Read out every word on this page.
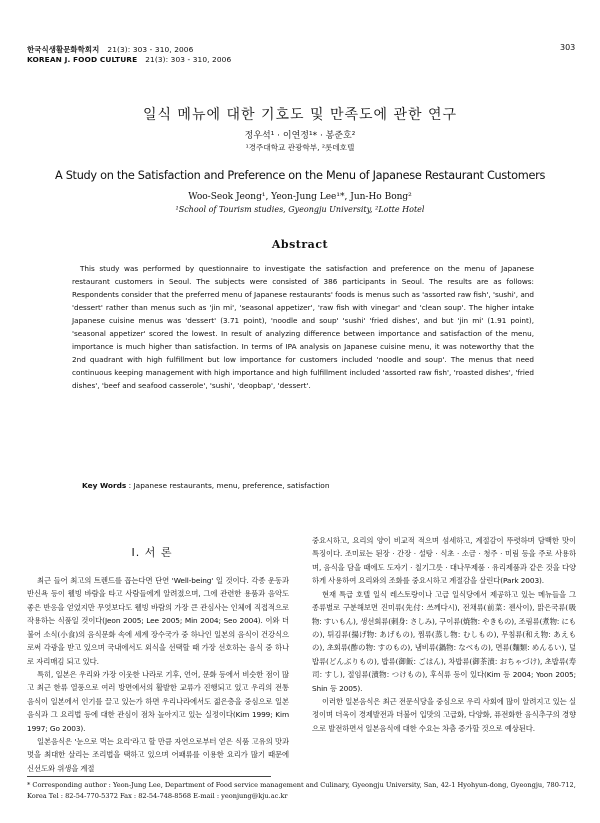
한국식생활문화학회지 21(3): 303 - 310, 2006
KOREAN J. FOOD CULTURE 21(3): 303 - 310, 2006
303
일식 메뉴에 대한 기호도 및 만족도에 관한 연구
정우석¹ · 이연정¹* · 봉준호²
¹경주대학교 관광학부, ²롯데호텔
A Study on the Satisfaction and Preference on the Menu of Japanese Restaurant Customers
Woo-Seok Jeong¹, Yeon-Jung Lee¹*, Jun-Ho Bong²
¹School of Tourism studies, Gyeongju University, ²Lotte Hotel
Abstract
This study was performed by questionnaire to investigate the satisfaction and preference on the menu of Japanese restaurant customers in Seoul. The subjects were consisted of 386 participants in Seoul. The results are as follows: Respondents consider that the preferred menu of Japanese restaurants' foods is menus such as 'assorted raw fish', 'sushi', and 'dessert' rather than menus such as 'jin mi', 'seasonal appetizer', 'raw fish with vinegar' and 'clean soup'. The higher intake Japanese cuisine menus was 'dessert' (3.71 point), 'noodle and soup' 'sushi' 'fried dishes', and but 'jin mi' (1.91 point), 'seasonal appetizer' scored the lowest. In result of analyzing difference between importance and satisfaction of the menu, importance is much higher than satisfaction. In terms of IPA analysis on Japanese cuisine menu, it was noteworthy that the 2nd quadrant with high fulfillment but low importance for customers included 'noodle and soup'. The menus that need continuous keeping management with high importance and high fulfillment included 'assorted raw fish', 'roasted dishes', 'fried dishes', 'beef and seafood casserole', 'sushi', 'deopbap', 'dessert'.
Key Words : Japanese restaurants, menu, preference, satisfaction
I. 서 론

최근 들어 최고의 트렌드를 꼽는다면 단연 'Well-being' 일 것이다. 각종 운동과 반신욕 등이 웰빙 바람을 타고 사람들에게 알려졌으며, 그에 관련한 용품과 음악도 좋은 반응을 얻었지만 무엇보다도 웰빙 바람의 가장 큰 관심사는 인체에 직접적으로 작용하는 식품일 것이다(Jeon 2005; Lee 2005; Min 2004; Seo 2004). 이와 더불어 소식(小食)의 음식문화 속에 세계 장수국가 중 하나인 일본의 음식이 건강식으로써 각광을 받고 있으며 국내에서도 외식을 선택할 때 가장 선호하는 음식 중 하나로 자리매김 되고 있다.

특히, 일본은 우리와 가장 이웃한 나라로 기후, 언어, 문화 등에서 비슷한 점이 많고 최근 한류 열풍으로 여러 방면에서의 활발한 교류가 진행되고 있고 우리의 전통음식이 일본에서 인기를 끌고 있는가 하면 우리나라에서도 젊은층을 중심으로 일본음식과 그 요리법 등에 대한 관심이 점차 높아지고 있는 실정이다(Kim 1999; Kim 1997; Go 2003).

일본음식은 '눈으로 먹는 요리'라고 할 만큼 자연으로부터 얻은 식품 고유의 맛과 멋을 최대한 살리는 조리법을 택하고 있으며 어패류를 이용한 요리가 많기 때문에 신선도와 위생을 계절

중요시하고, 요리의 양이 비교적 적으며 섬세하고, 계절감이 뚜렷하며 담백한 맛이 특징이다. 조미료는 된장 · 간장 · 설탕 · 식초 · 소금 · 청주 · 미림 등을 주로 사용하며, 음식을 담을 때에도 도자기 · 칠기그릇 · 대나무제품 · 유리제품과 같은 것을 다양하게 사용하여 요리와의 조화를 중요시하고 계절감을 살린다(Park 2003).

현재 특급 호텔 일식 레스토랑이나 고급 일식당에서 제공하고 있는 메뉴들을 그 종류별로 구분해보면 진미류(先付: 쓰께다시), 전채류(前菜: 젠사이), 맑은국류(吸物: すいもん), 생선회류(刺身: さしみ), 구이류(焼物: やきもの), 조림류(煮物: にもの), 튀김류(揚げ物: あげもの), 찜류(蒸し物: むしもの), 무침류(和え物: あえもの), 초회류(酢の物: すのもの), 냄비류(鍋物: なべもの), 면류(麵類: めんるい), 덮밥류(どんぶりもの), 밥류(御飯: ごはん), 차밥류(御茶漬: おちゃづけ), 초밥류(寿司: すし), 절임류(漬物: つけもの), 후식류 등이 있다(Kim 등 2004; Yoon 2005; Shin 등 2005).

이러한 일본음식은 최근 전문식당을 중심으로 우리 사회에 많이 알려지고 있는 실정이며 더욱이 경제발전과 더불어 입맛의 고급화, 다양화, 퓨전화한 음식추구의 경향으로 발전하면서 일본음식에 대한 수요는 차츰 증가할 것으로 예상된다.

* Corresponding author : Yeon-Jung Lee, Department of Food service management and Culinary, Gyeongju University, San, 42-1 Hyohyun-dong, Gyeongju, 780-712, Korea Tel : 82-54-770-5372 Fax : 82-54-748-8568 E-mail : yeonjung@kju.ac.kr
